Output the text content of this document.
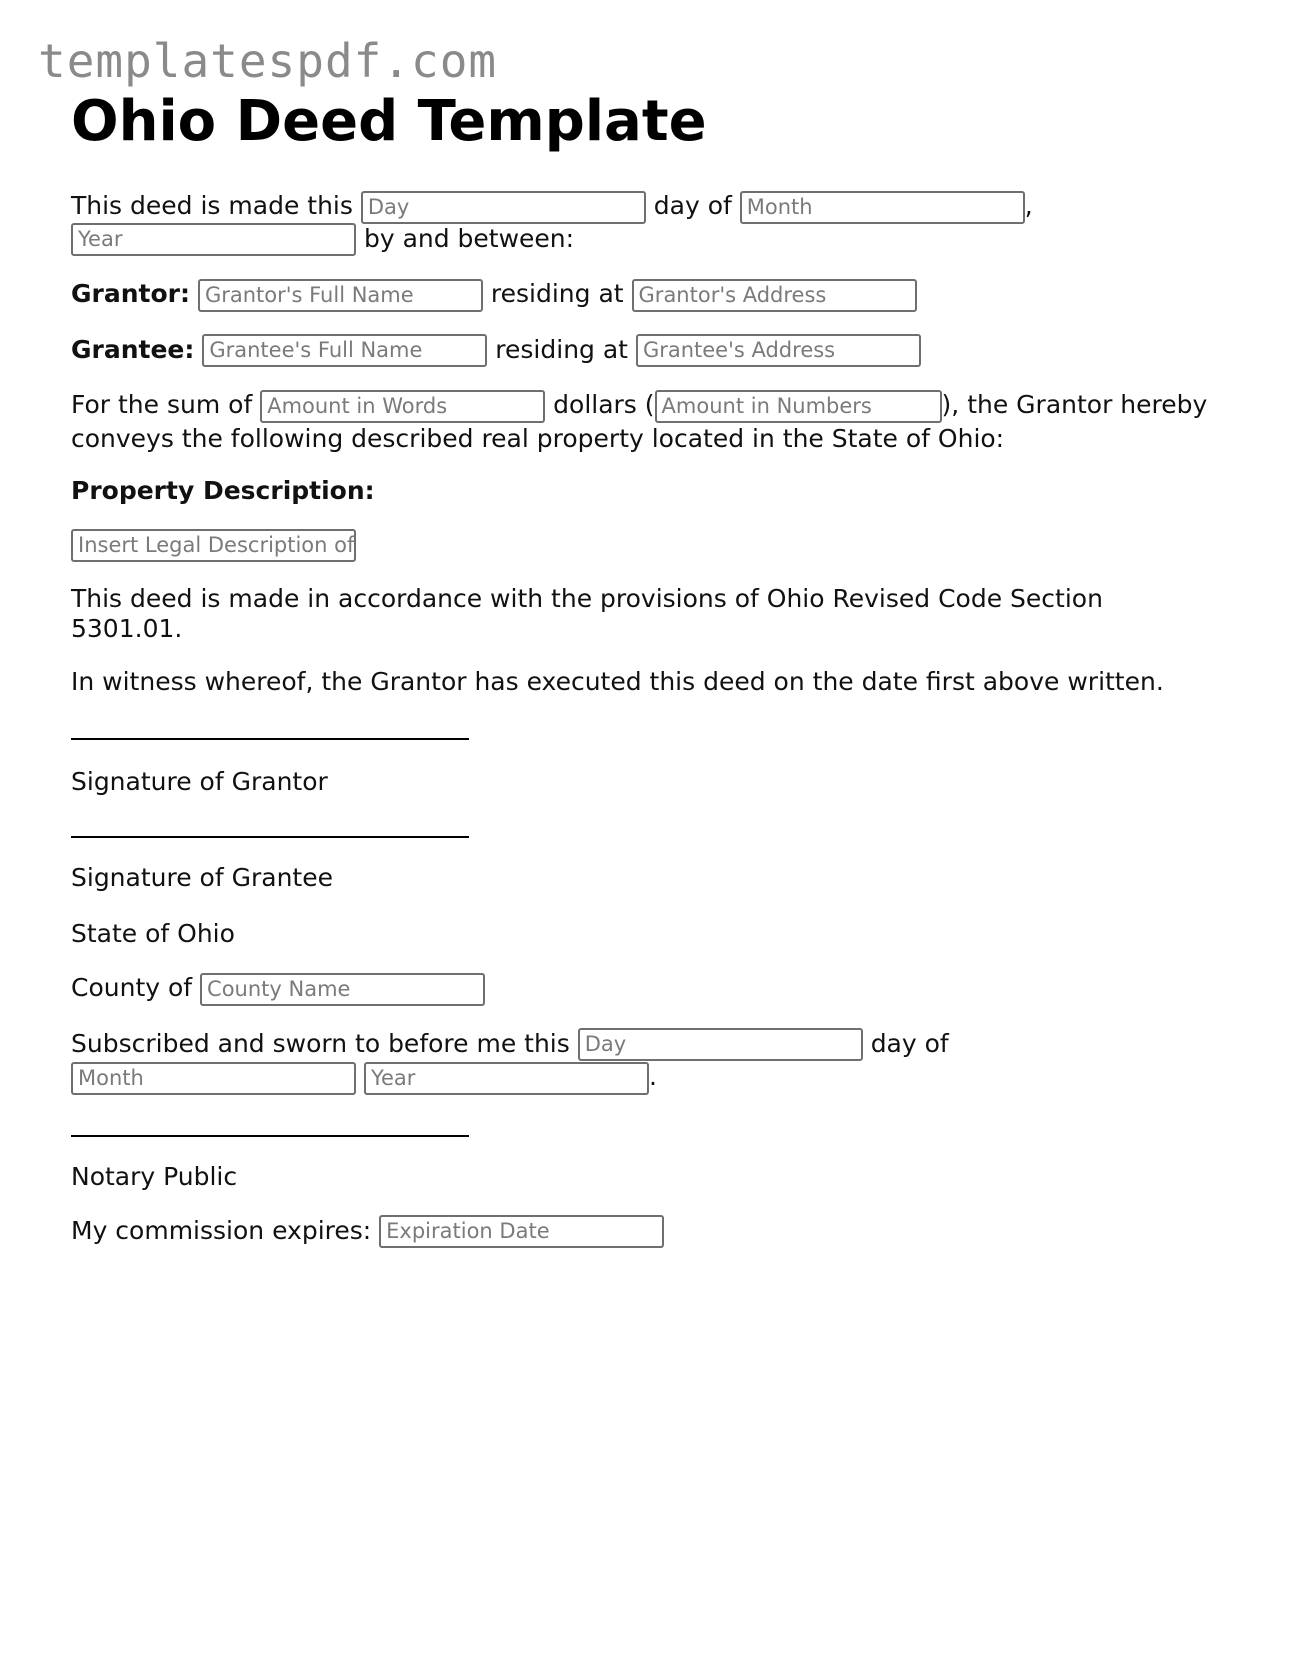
templatespdf.com
Ohio Deed Template
This deed is made this Day	day of Month	,
Year	by and between:
Grantor: Grantor's Full Name	residing at Grantor's Address
Grantee: Grantee's Full Name	residing at Grantee's Address
For the sum of Amount in Words	dollars ( Amount in Numbers	), the Grantor hereby
conveys the following described real property located in the State of Ohio:
Property Description:
Insert Legal Description of
This deed is made in accordance with the provisions of Ohio Revised Code Section 5301.01.
In witness whereof, the Grantor has executed this deed on the date first above written.
Signature of Grantor
Signature of Grantee
State of Ohio
County of County Name
Subscribed and sworn to before me this Day	day of
Month	Year	.
Notary Public
My commission expires: Expiration Date
